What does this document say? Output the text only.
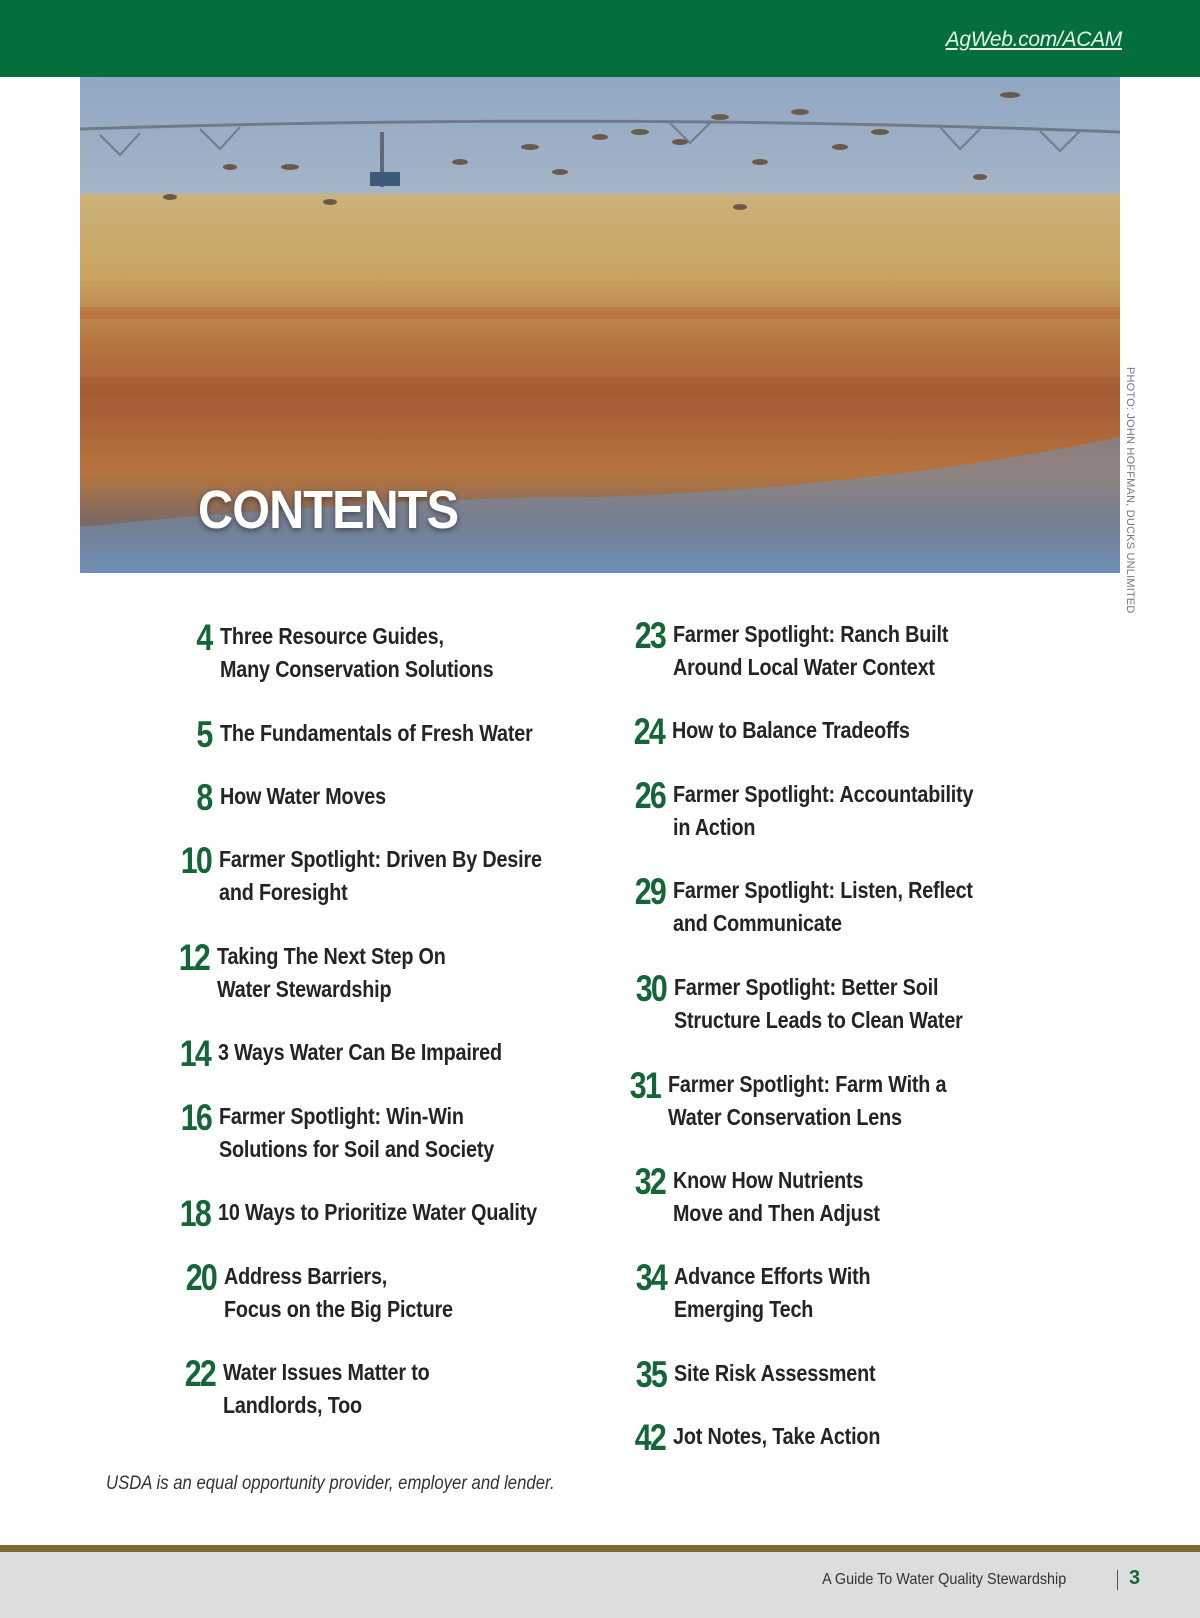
AgWeb.com/ACAM
CONTENTS	PHOTO: JOHN HOFFMAN, DUCKS UNLIMITED
4 Three Resource Guides,
Many Conservation Solutions
5 The Fundamentals of Fresh Water
8 How Water Moves
10 Farmer Spotlight: Driven By Desire
and Foresight
12 Taking The Next Step On
Water Stewardship
14 3 Ways Water Can Be Impaired
16 Farmer Spotlight: Win-Win
Solutions for Soil and Society
18 10 Ways to Prioritize Water Quality
20 Address Barriers,
Focus on the Big Picture
22 Water Issues Matter to
Landlords, Too
23 Farmer Spotlight: Ranch Built
Around Local Water Context
24 How to Balance Tradeoffs
26 Farmer Spotlight: Accountability
in Action
29 Farmer Spotlight: Listen, Reflect
and Communicate
30 Farmer Spotlight: Better Soil
Structure Leads to Clean Water
31 Farmer Spotlight: Farm With a
Water Conservation Lens
32 Know How Nutrients
Move and Then Adjust
34 Advance Efforts With
Emerging Tech
35 Site Risk Assessment
42 Jot Notes, Take Action
USDA is an equal opportunity provider, employer and lender.
A Guide To Water Quality Stewardship	3
